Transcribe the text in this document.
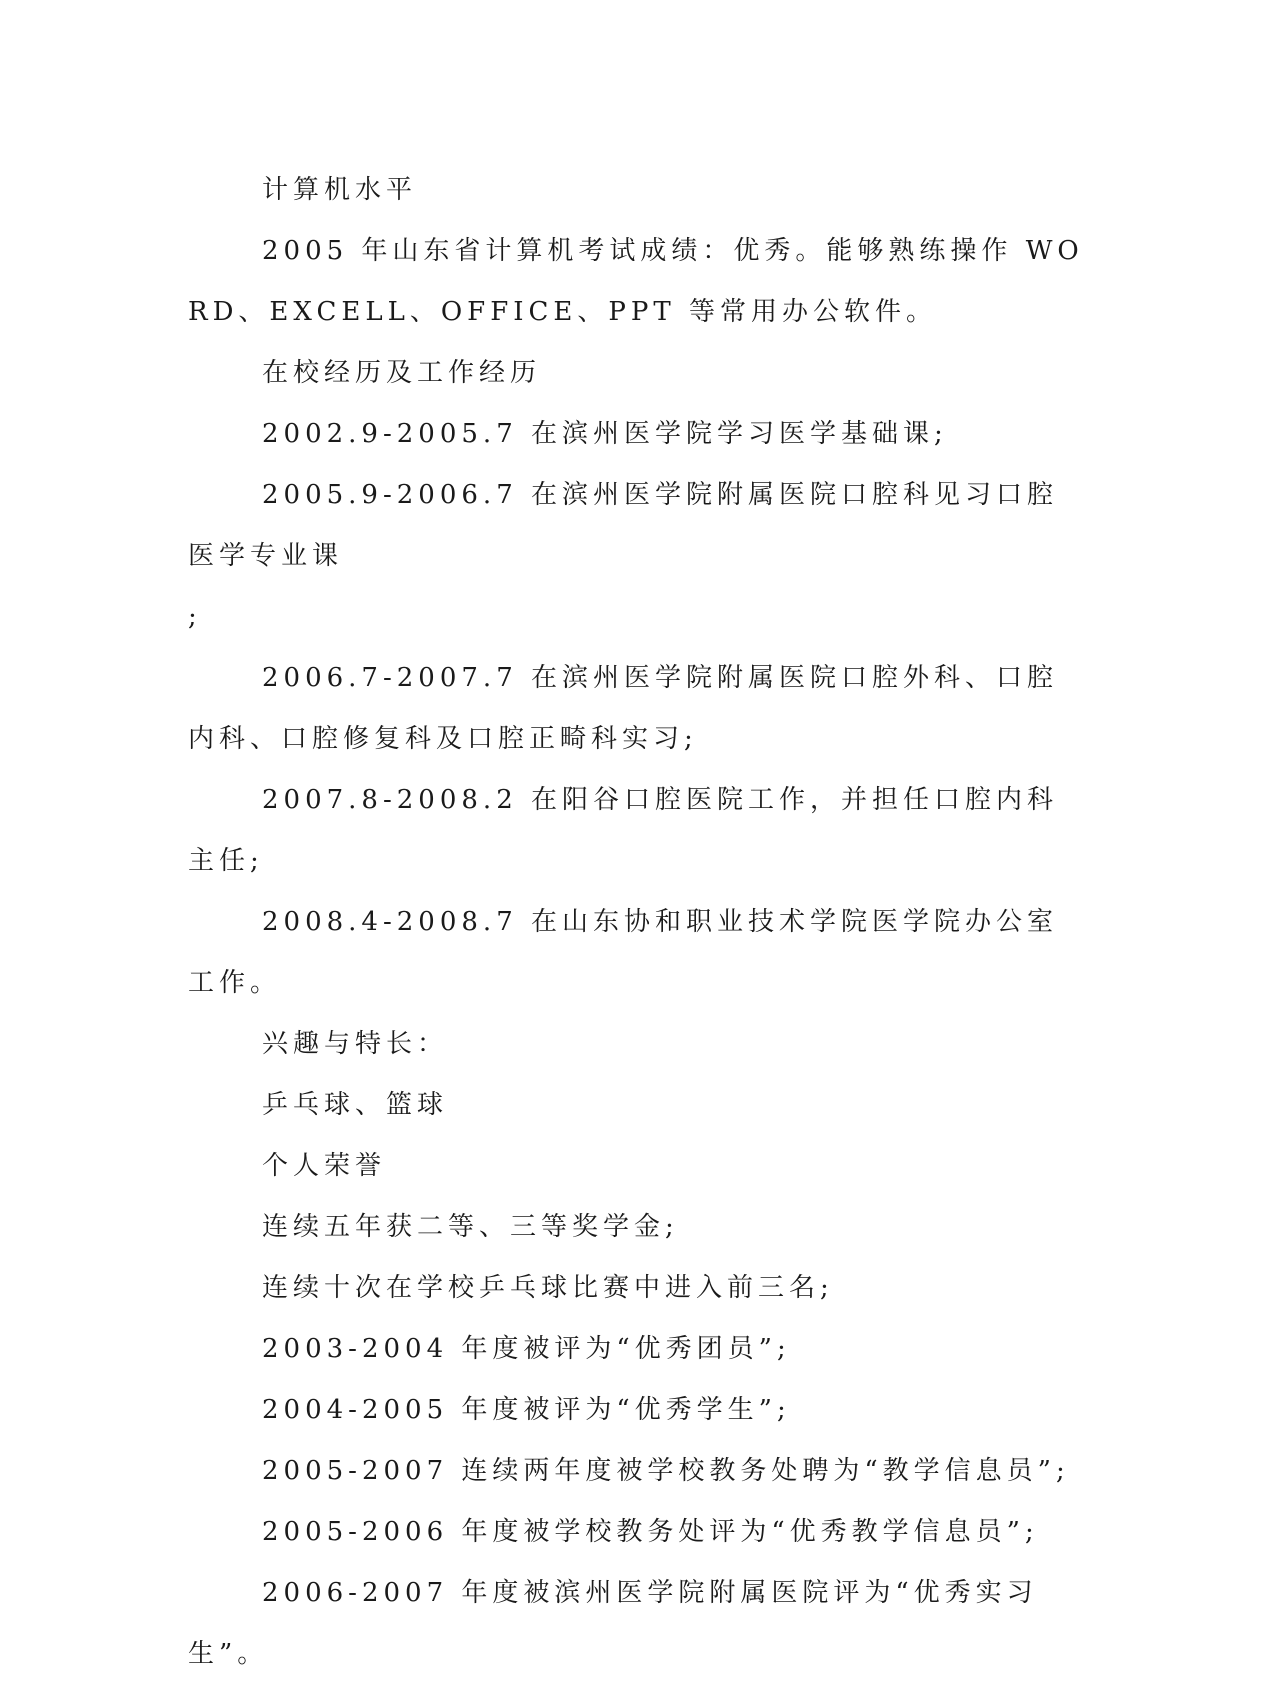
计算机水平

2005 年山东省计算机考试成绩：优秀。能够熟练操作 WORD、EXCELL、OFFICE、PPT 等常用办公软件。

在校经历及工作经历

2002.9-2005.7 在滨州医学院学习医学基础课;

2005.9-2006.7 在滨州医学院附属医院口腔科见习口腔医学专业课

;

2006.7-2007.7 在滨州医学院附属医院口腔外科、口腔内科、口腔修复科及口腔正畸科实习;

2007.8-2008.2 在阳谷口腔医院工作，并担任口腔内科主任;

2008.4-2008.7 在山东协和职业技术学院医学院办公室工作。

兴趣与特长：

乒乓球、篮球

个人荣誉

连续五年获二等、三等奖学金;

连续十次在学校乒乓球比赛中进入前三名;

2003-2004 年度被评为“优秀团员”;

2004-2005 年度被评为“优秀学生”;

2005-2007 连续两年度被学校教务处聘为“教学信息员”;

2005-2006 年度被学校教务处评为“优秀教学信息员”;

2006-2007 年度被滨州医学院附属医院评为“优秀实习生”。
